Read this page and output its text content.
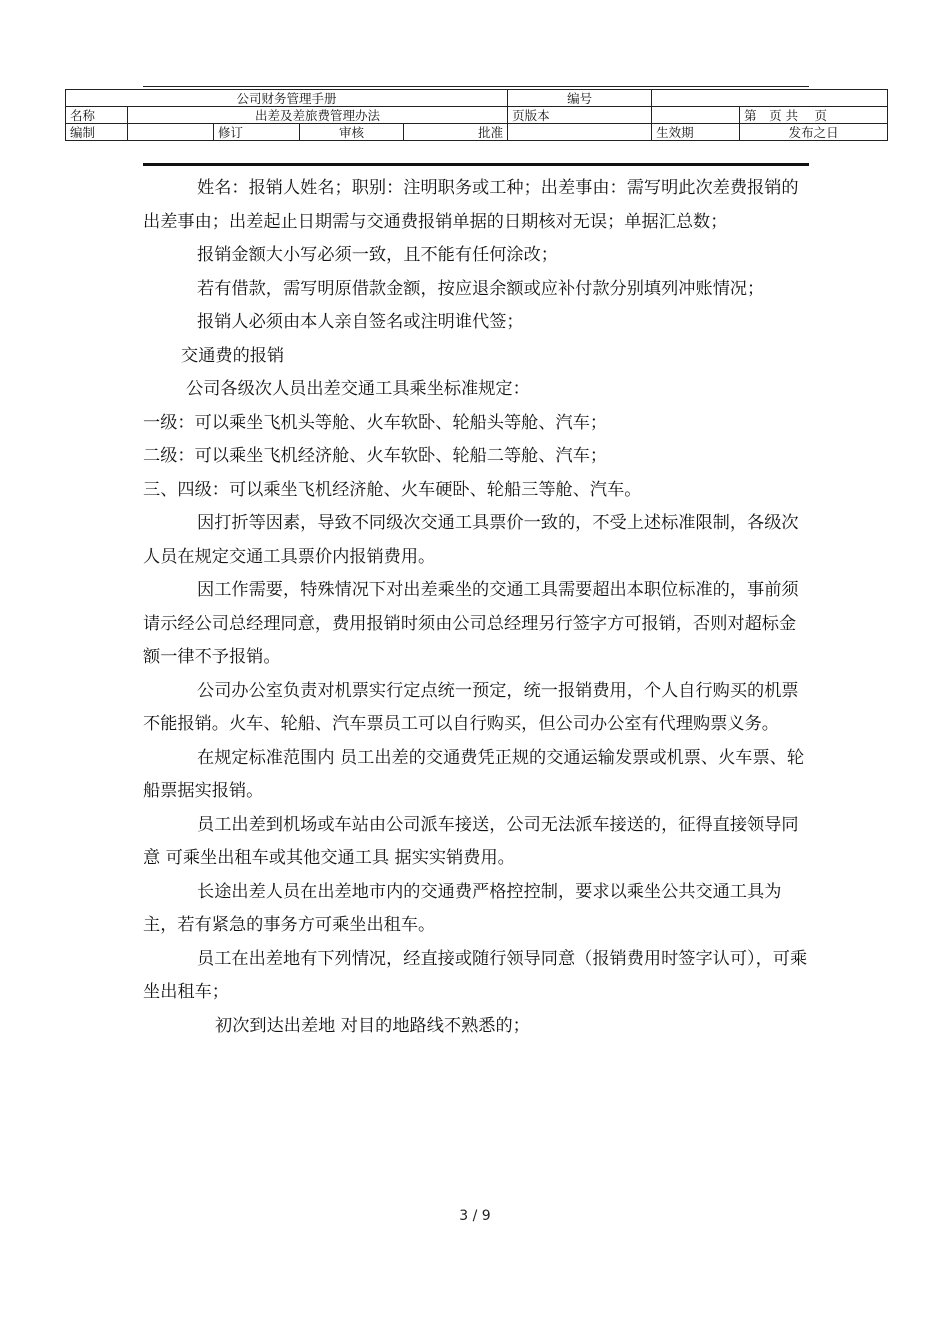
公司财务管理手册					编号		
名称	出差及差旅费管理办法				页版本		第　页 共　 页
编制		修订	审核	批准		生效期	发布之日

姓名：报销人姓名；职别：注明职务或工种；出差事由：需写明此次差费报销的出差事由；出差起止日期需与交通费报销单据的日期核对无误；单据汇总数；

报销金额大小写必须一致，且不能有任何涂改；

若有借款，需写明原借款金额，按应退余额或应补付款分别填列冲账情况；

报销人必须由本人亲自签名或注明谁代签；

交通费的报销

公司各级次人员出差交通工具乘坐标准规定：

一级：可以乘坐飞机头等舱、火车软卧、轮船头等舱、汽车；

二级：可以乘坐飞机经济舱、火车软卧、轮船二等舱、汽车；

三、四级：可以乘坐飞机经济舱、火车硬卧、轮船三等舱、汽车。

因打折等因素，导致不同级次交通工具票价一致的，不受上述标准限制，各级次人员在规定交通工具票价内报销费用。

因工作需要，特殊情况下对出差乘坐的交通工具需要超出本职位标准的，事前须请示经公司总经理同意，费用报销时须由公司总经理另行签字方可报销，否则对超标金额一律不予报销。

公司办公室负责对机票实行定点统一预定，统一报销费用，个人自行购买的机票不能报销。火车、轮船、汽车票员工可以自行购买，但公司办公室有代理购票义务。

在规定标准范围内 员工出差的交通费凭正规的交通运输发票或机票、火车票、轮船票据实报销。

员工出差到机场或车站由公司派车接送，公司无法派车接送的，征得直接领导同意 可乘坐出租车或其他交通工具 据实实销费用。

长途出差人员在出差地市内的交通费严格控控制，要求以乘坐公共交通工具为主，若有紧急的事务方可乘坐出租车。

员工在出差地有下列情况，经直接或随行领导同意（报销费用时签字认可），可乘坐出租车；

初次到达出差地 对目的地路线不熟悉的；

3 / 9
